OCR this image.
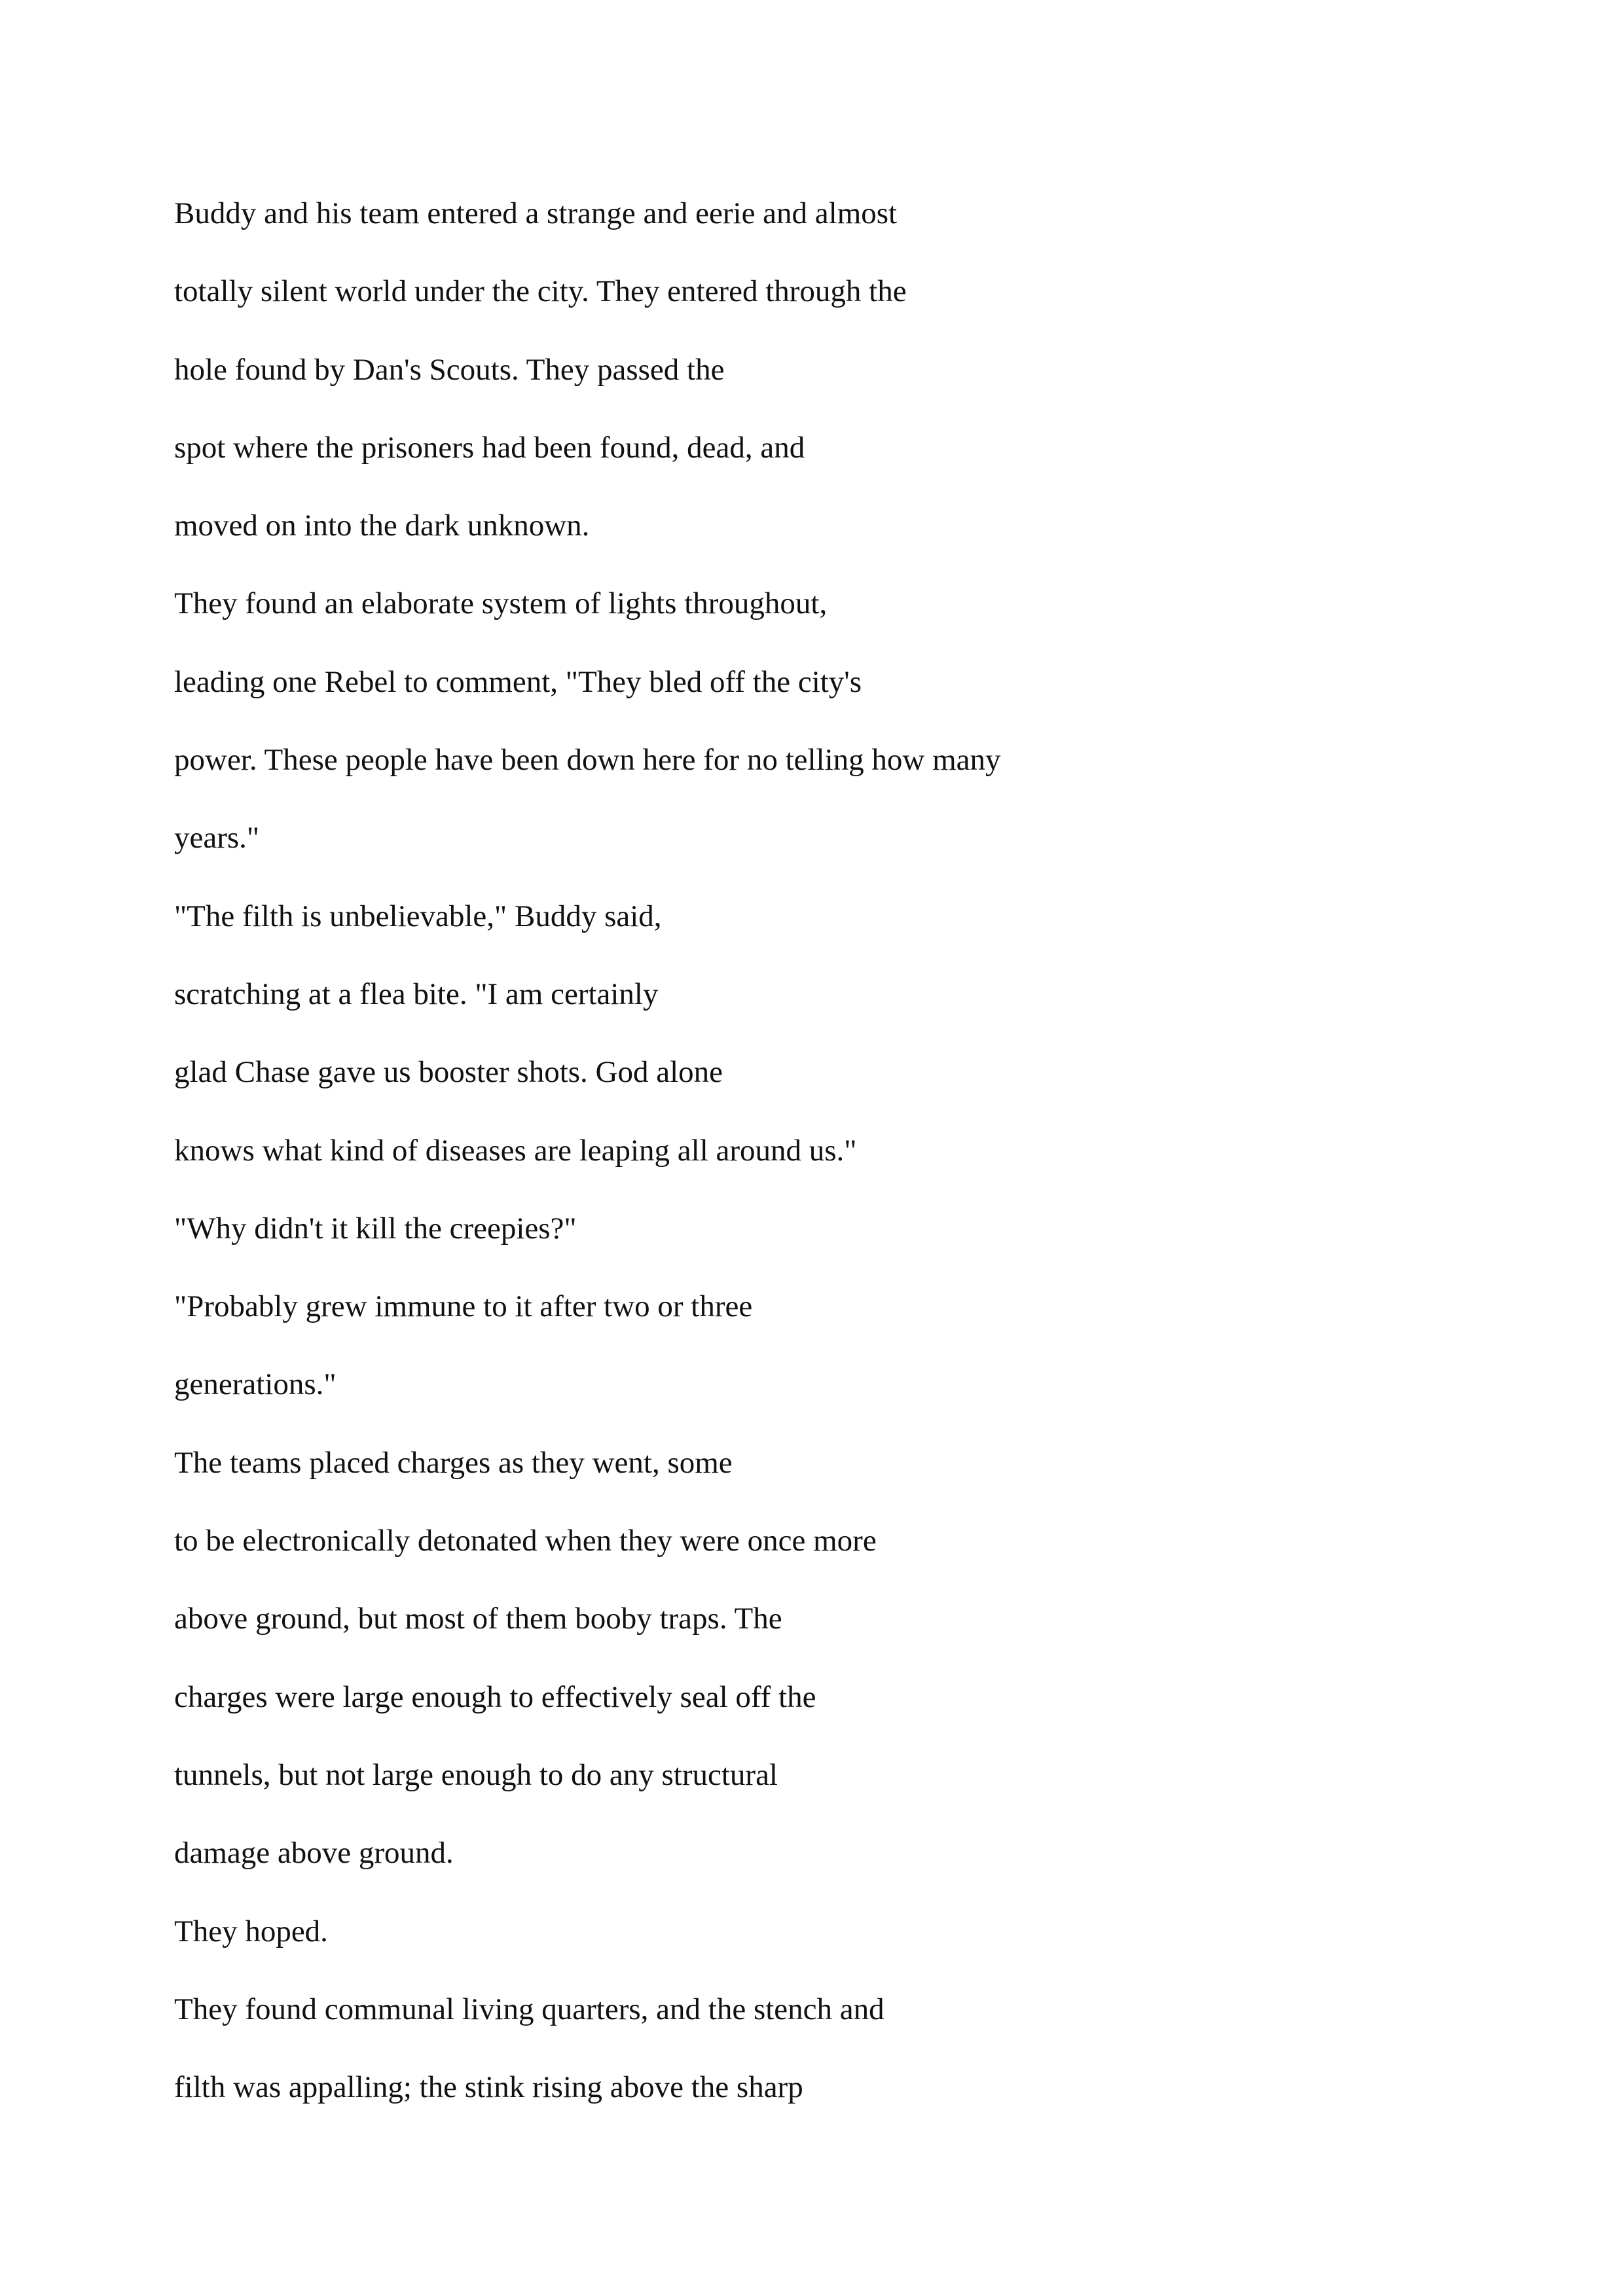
Buddy and his team entered a strange and eerie and almost
totally silent world under the city. They entered through the
hole found by Dan's Scouts. They passed the
spot where the prisoners had been found, dead, and
moved on into the dark unknown.
They found an elaborate system of lights throughout,
leading one Rebel to comment, "They bled off the city's
power. These people have been down here for no telling how many
years."
"The filth is unbelievable," Buddy said,
scratching at a flea bite. "I am certainly
glad Chase gave us booster shots. God alone
knows what kind of diseases are leaping all around us."
"Why didn't it kill the creepies?"
"Probably grew immune to it after two or three
generations."
The teams placed charges as they went, some
to be electronically detonated when they were once more
above ground, but most of them booby traps. The
charges were large enough to effectively seal off the
tunnels, but not large enough to do any structural
damage above ground.
They hoped.
They found communal living quarters, and the stench and
filth was appalling; the stink rising above the sharp
